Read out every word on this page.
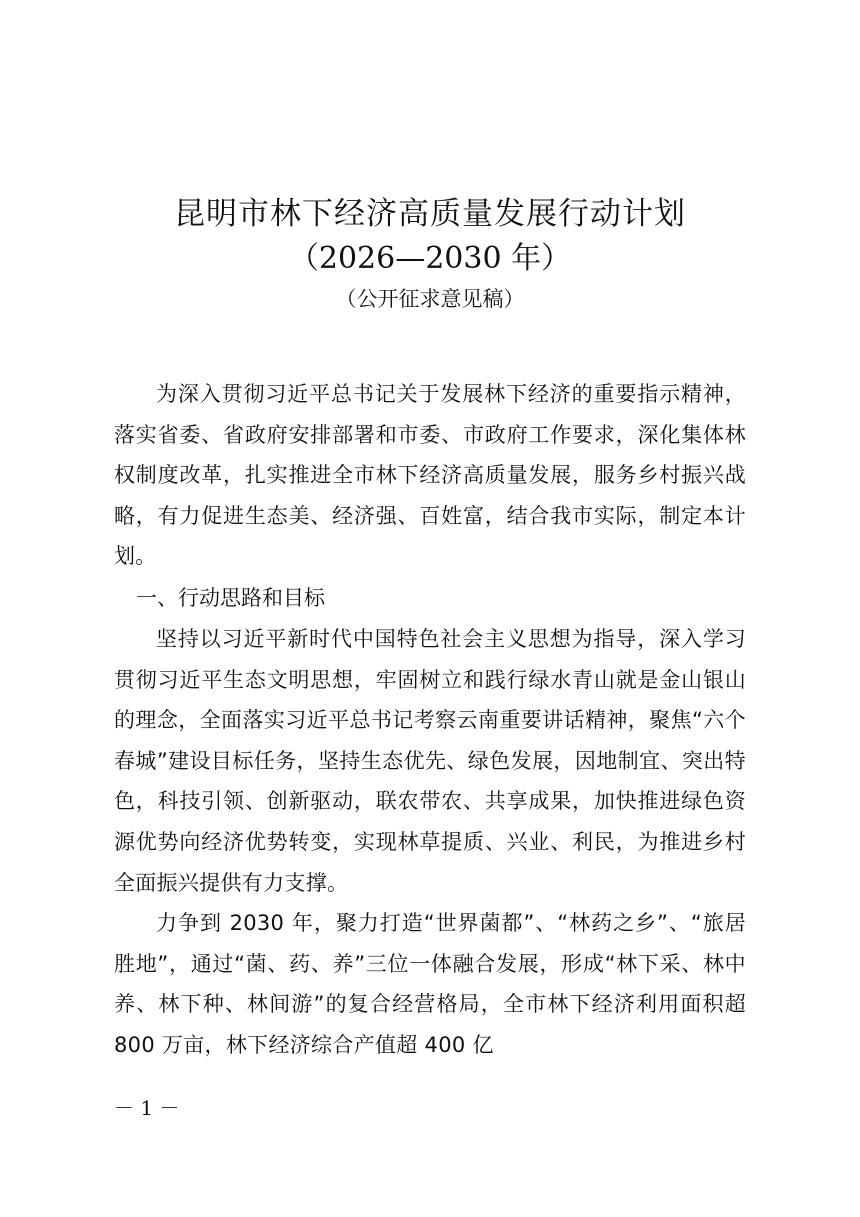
昆明市林下经济高质量发展行动计划
（2026—2030 年）
（公开征求意见稿）

为深入贯彻习近平总书记关于发展林下经济的重要指示精神，落实省委、省政府安排部署和市委、市政府工作要求，深化集体林权制度改革，扎实推进全市林下经济高质量发展，服务乡村振兴战略，有力促进生态美、经济强、百姓富，结合我市实际，制定本计划。

一、行动思路和目标

坚持以习近平新时代中国特色社会主义思想为指导，深入学习贯彻习近平生态文明思想，牢固树立和践行绿水青山就是金山银山的理念，全面落实习近平总书记考察云南重要讲话精神，聚焦“六个春城”建设目标任务，坚持生态优先、绿色发展，因地制宜、突出特色，科技引领、创新驱动，联农带农、共享成果，加快推进绿色资源优势向经济优势转变，实现林草提质、兴业、利民，为推进乡村全面振兴提供有力支撑。

力争到 2030 年，聚力打造“世界菌都”、“林药之乡”、“旅居胜地”，通过“菌、药、养”三位一体融合发展，形成“林下采、林中养、林下种、林间游”的复合经营格局，全市林下经济利用面积超 800 万亩，林下经济综合产值超 400 亿

－ 1 －
